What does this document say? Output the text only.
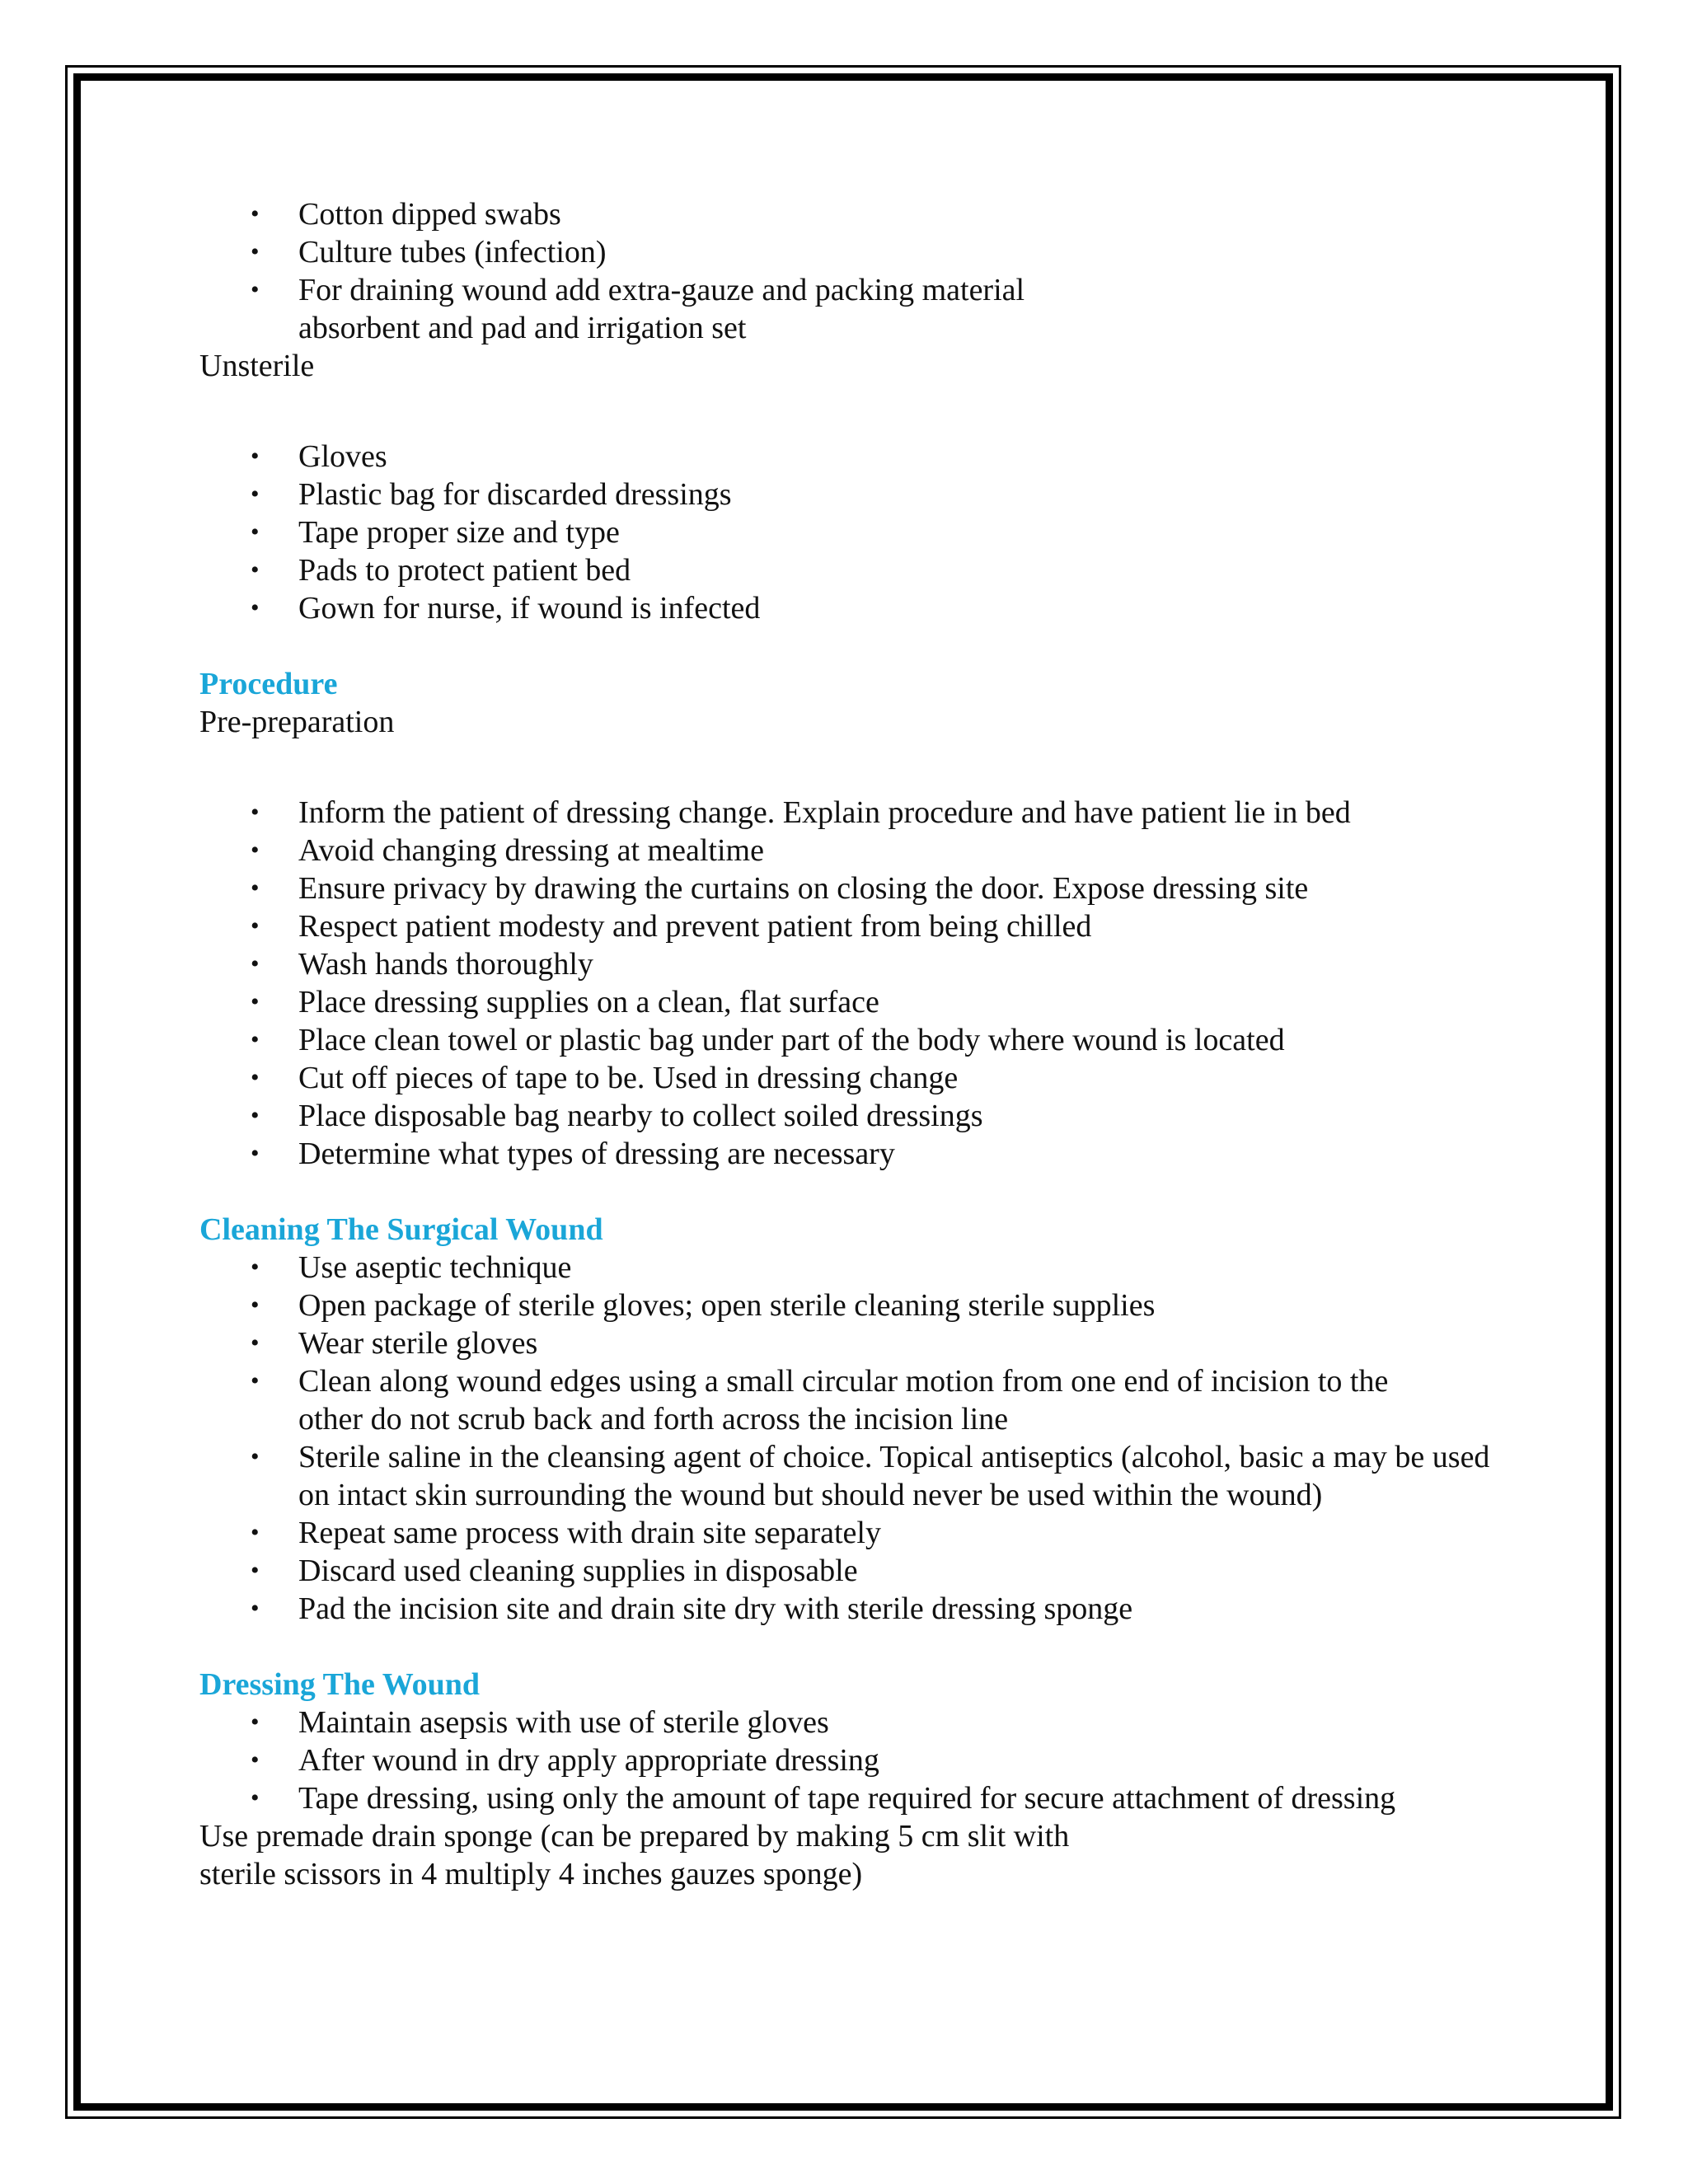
• Cotton dipped swabs
• Culture tubes (infection)
• For draining wound add extra-gauze and packing material absorbent and pad and irrigation set

Unsterile

• Gloves
• Plastic bag for discarded dressings
• Tape proper size and type
• Pads to protect patient bed
• Gown for nurse, if wound is infected

Procedure

Pre-preparation

• Inform the patient of dressing change. Explain procedure and have patient lie in bed
• Avoid changing dressing at mealtime
• Ensure privacy by drawing the curtains on closing the door. Expose dressing site
• Respect patient modesty and prevent patient from being chilled
• Wash hands thoroughly
• Place dressing supplies on a clean, flat surface
• Place clean towel or plastic bag under part of the body where wound is located
• Cut off pieces of tape to be. Used in dressing change
• Place disposable bag nearby to collect soiled dressings
• Determine what types of dressing are necessary

Cleaning The Surgical Wound

• Use aseptic technique
• Open package of sterile gloves; open sterile cleaning sterile supplies
• Wear sterile gloves
• Clean along wound edges using a small circular motion from one end of incision to the other do not scrub back and forth across the incision line
• Sterile saline in the cleansing agent of choice. Topical antiseptics (alcohol, basic a may be used on intact skin surrounding the wound but should never be used within the wound)
• Repeat same process with drain site separately
• Discard used cleaning supplies in disposable
• Pad the incision site and drain site dry with sterile dressing sponge

Dressing The Wound

• Maintain asepsis with use of sterile gloves
• After wound in dry apply appropriate dressing
• Tape dressing, using only the amount of tape required for secure attachment of dressing

Use premade drain sponge (can be prepared by making 5 cm slit with sterile scissors in 4 multiply 4 inches gauzes sponge)
